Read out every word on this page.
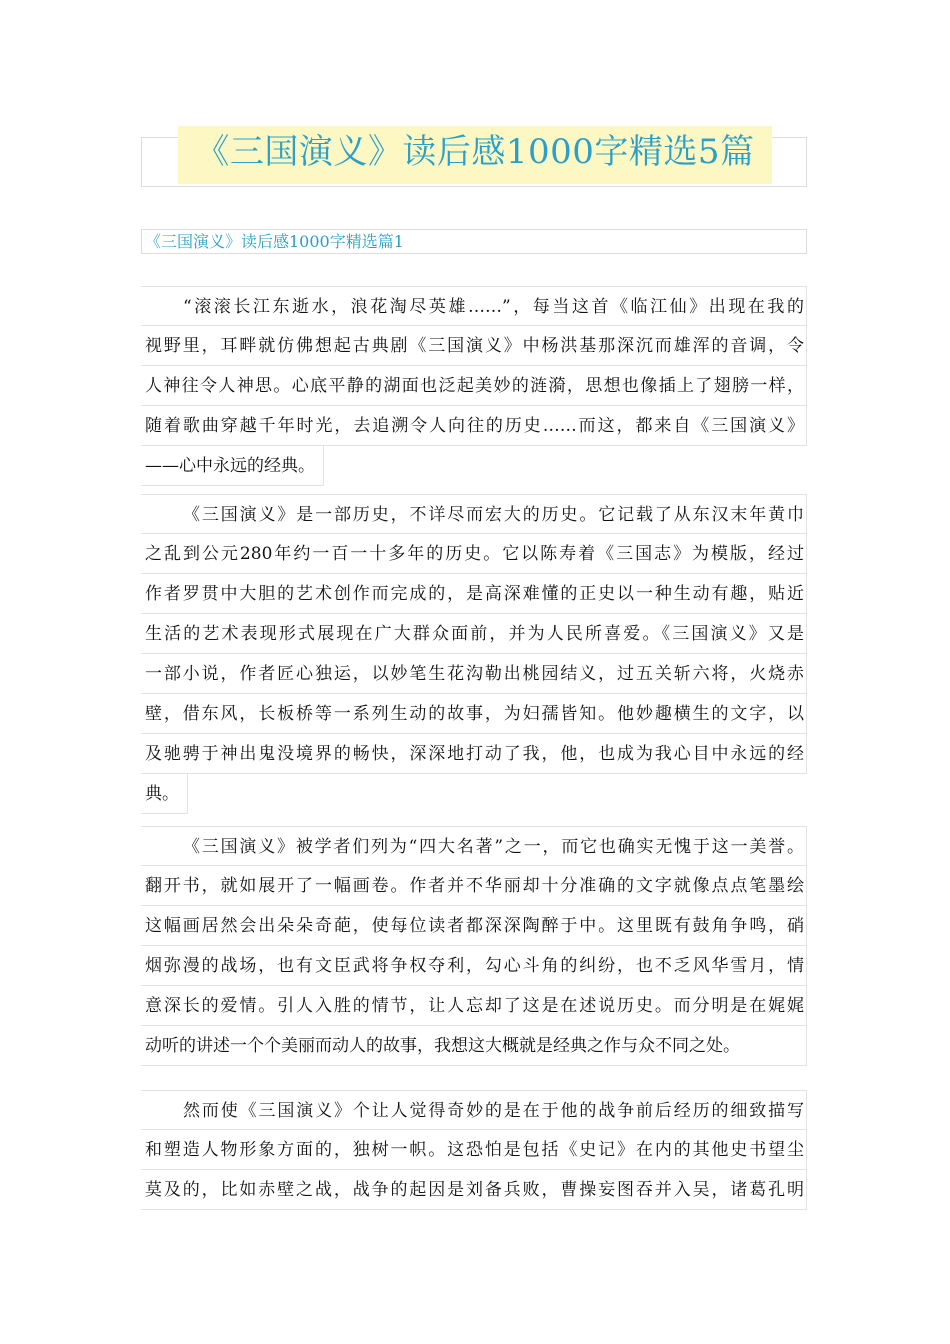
《三国演义》读后感1000字精选5篇
《三国演义》读后感1000字精选篇1
“滚滚长江东逝水，浪花淘尽英雄……”，每当这首《临江仙》出现在我的
视野里，耳畔就仿佛想起古典剧《三国演义》中杨洪基那深沉而雄浑的音调，令
人神往令人神思。心底平静的湖面也泛起美妙的涟漪，思想也像插上了翅膀一样，
随着歌曲穿越千年时光，去追溯令人向往的历史……而这，都来自《三国演义》
——心中永远的经典。
《三国演义》是一部历史，不详尽而宏大的历史。它记载了从东汉末年黄巾
之乱到公元280年约一百一十多年的历史。它以陈寿着《三国志》为模版，经过
作者罗贯中大胆的艺术创作而完成的，是高深难懂的正史以一种生动有趣，贴近
生活的艺术表现形式展现在广大群众面前，并为人民所喜爱。《三国演义》又是
一部小说，作者匠心独运，以妙笔生花沟勒出桃园结义，过五关斩六将，火烧赤
壁，借东风，长板桥等一系列生动的故事，为妇孺皆知。他妙趣横生的文字，以
及驰骋于神出鬼没境界的畅快，深深地打动了我，他，也成为我心目中永远的经
典。
《三国演义》被学者们列为“四大名著”之一，而它也确实无愧于这一美誉。
翻开书，就如展开了一幅画卷。作者并不华丽却十分准确的文字就像点点笔墨绘
这幅画居然会出朵朵奇葩，使每位读者都深深陶醉于中。这里既有鼓角争鸣，硝
烟弥漫的战场，也有文臣武将争权夺利，勾心斗角的纠纷，也不乏风华雪月，情
意深长的爱情。引人入胜的情节，让人忘却了这是在述说历史。而分明是在娓娓
动听的讲述一个个美丽而动人的故事，我想这大概就是经典之作与众不同之处。
然而使《三国演义》个让人觉得奇妙的是在于他的战争前后经历的细致描写
和塑造人物形象方面的，独树一帜。这恐怕是包括《史记》在内的其他史书望尘
莫及的，比如赤壁之战，战争的起因是刘备兵败，曹操妄图吞并入吴，诸葛孔明
